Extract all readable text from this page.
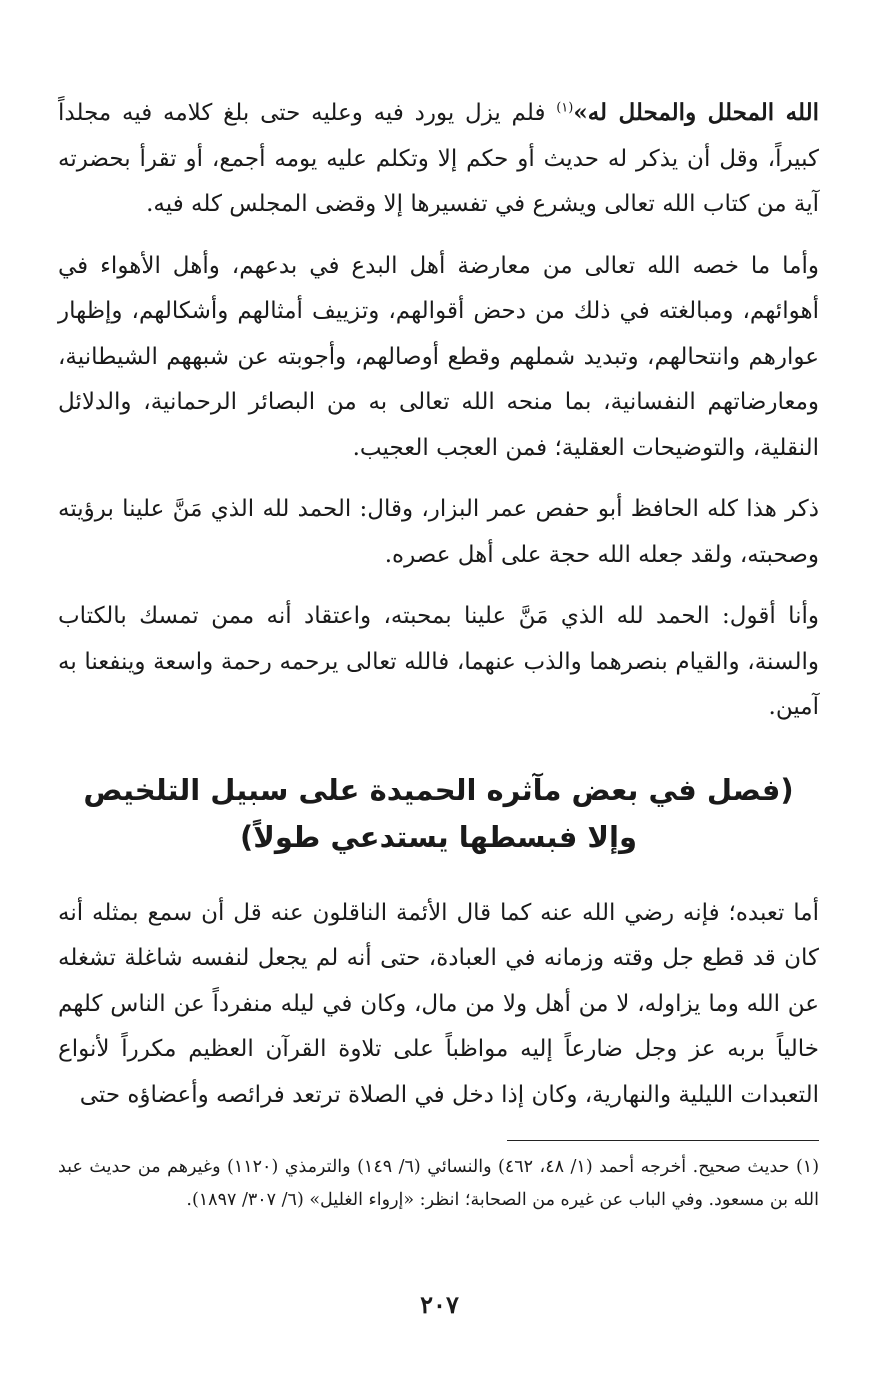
الله المحلل والمحلل له»$^{(١)}$ فلم يزل يورد فيه وعليه حتى بلغ كلامه فيه مجلداً كبيراً، وقل أن يذكر له حديث أو حكم إلا وتكلم عليه يومه أجمع، أو تقرأ بحضرته آية من كتاب الله تعالى ويشرع في تفسيرها إلا وقضى المجلس كله فيه.

وأما ما خصه الله تعالى من معارضة أهل البدع في بدعهم، وأهل الأهواء في أهوائهم، ومبالغته في ذلك من دحض أقوالهم، وتزييف أمثالهم وأشكالهم، وإظهار عوارهم وانتحالهم، وتبديد شملهم وقطع أوصالهم، وأجوبته عن شبههم الشيطانية، ومعارضاتهم النفسانية، بما منحه الله تعالى به من البصائر الرحمانية، والدلائل النقلية، والتوضيحات العقلية؛ فمن العجب العجيب.

ذكر هذا كله الحافظ أبو حفص عمر البزار، وقال: الحمد لله الذي مَنَّ علينا برؤيته وصحبته، ولقد جعله الله حجة على أهل عصره.

وأنا أقول: الحمد لله الذي مَنَّ علينا بمحبته، واعتقاد أنه ممن تمسك بالكتاب والسنة، والقيام بنصرهما والذب عنهما، فالله تعالى يرحمه رحمة واسعة وينفعنا به آمين.

(فصل في بعض مآثره الحميدة على سبيل التلخيص
وإلا فبسطها يستدعي طولاً)

أما تعبده؛ فإنه رضي الله عنه كما قال الأئمة الناقلون عنه قل أن سمع بمثله أنه كان قد قطع جل وقته وزمانه في العبادة، حتى أنه لم يجعل لنفسه شاغلة تشغله عن الله وما يزاوله، لا من أهل ولا من مال، وكان في ليله منفرداً عن الناس كلهم خالياً بربه عز وجل ضارعاً إليه مواظباً على تلاوة القرآن العظيم مكرراً لأنواع التعبدات الليلية والنهارية، وكان إذا دخل في الصلاة ترتعد فرائصه وأعضاؤه حتى

(١) حديث صحيح. أخرجه أحمد (١/ ٤٨، ٤٦٢) والنسائي (٦/ ١٤٩) والترمذي (١١٢٠) وغيرهم من حديث عبد الله بن مسعود. وفي الباب عن غيره من الصحابة؛ انظر: «إرواء الغليل» (٦/ ٣٠٧/ ١٨٩٧).

٢٠٧
